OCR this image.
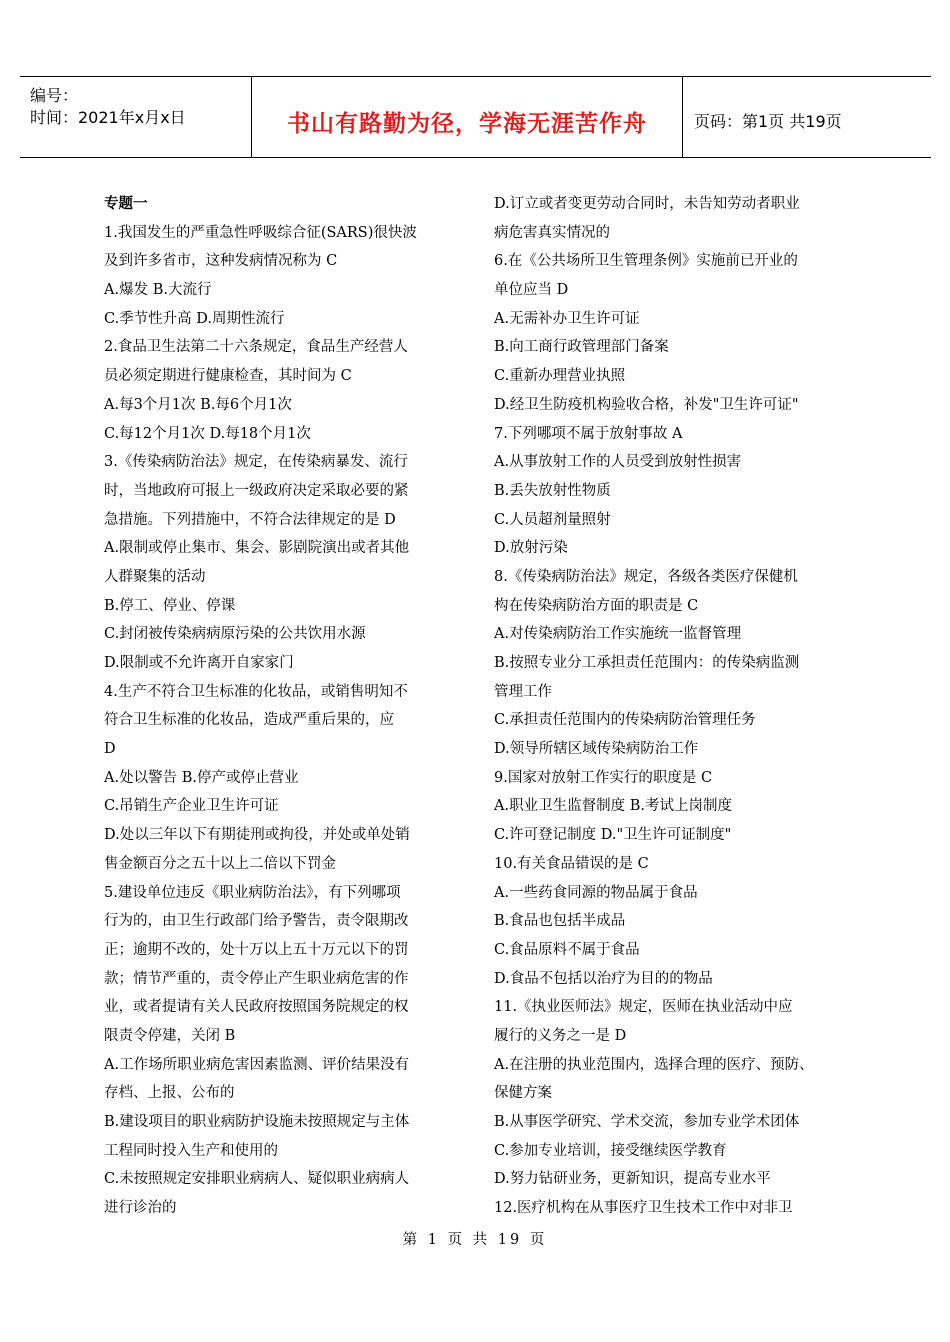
编号：
时间：2021年x月x日	书山有路勤为径，学海无涯苦作舟	页码：第1页 共19页
专题一
1.我国发生的严重急性呼吸综合征(SARS)很快波
及到许多省市，这种发病情况称为 C
A.爆发 B.大流行
C.季节性升高 D.周期性流行
2.食品卫生法第二十六条规定，食品生产经营人
员必须定期进行健康检查，其时间为 C
A.每3个月1次 B.每6个月1次
C.每12个月1次 D.每18个月1次
3.《传染病防治法》规定，在传染病暴发、流行
时，当地政府可报上一级政府决定采取必要的紧
急措施。下列措施中，不符合法律规定的是 D
A.限制或停止集市、集会、影剧院演出或者其他
人群聚集的活动
B.停工、停业、停课
C.封闭被传染病病原污染的公共饮用水源
D.限制或不允许离开自家家门
4.生产不符合卫生标准的化妆品，或销售明知不
符合卫生标准的化妆品，造成严重后果的，应
D
A.处以警告 B.停产或停止营业
C.吊销生产企业卫生许可证
D.处以三年以下有期徒刑或拘役，并处或单处销
售金额百分之五十以上二倍以下罚金
5.建设单位违反《职业病防治法》，有下列哪项
行为的，由卫生行政部门给予警告，责令限期改
正；逾期不改的，处十万以上五十万元以下的罚
款；情节严重的，责令停止产生职业病危害的作
业，或者提请有关人民政府按照国务院规定的权
限责令停建，关闭 B
A.工作场所职业病危害因素监测、评价结果没有
存档、上报、公布的
B.建设项目的职业病防护设施未按照规定与主体
工程同时投入生产和使用的
C.未按照规定安排职业病病人、疑似职业病病人
进行诊治的
D.订立或者变更劳动合同时，未告知劳动者职业
病危害真实情况的
6.在《公共场所卫生管理条例》实施前已开业的
单位应当 D
A.无需补办卫生许可证
B.向工商行政管理部门备案
C.重新办理营业执照
D.经卫生防疫机构验收合格，补发"卫生许可证"
7.下列哪项不属于放射事故 A
A.从事放射工作的人员受到放射性损害
B.丢失放射性物质
C.人员超剂量照射
D.放射污染
8.《传染病防治法》规定，各级各类医疗保健机
构在传染病防治方面的职责是 C
A.对传染病防治工作实施统一监督管理
B.按照专业分工承担责任范围内：的传染病监测
管理工作
C.承担责任范围内的传染病防治管理任务
D.领导所辖区域传染病防治工作
9.国家对放射工作实行的职度是 C
A.职业卫生监督制度 B.考试上岗制度
C.许可登记制度 D."卫生许可证制度"
10.有关食品错误的是 C
A.一些药食同源的物品属于食品
B.食品也包括半成品
C.食品原料不属于食品
D.食品不包括以治疗为目的的物品
11.《执业医师法》规定，医师在执业活动中应
履行的义务之一是 D
A.在注册的执业范围内，选择合理的医疗、预防、
保健方案
B.从事医学研究、学术交流，参加专业学术团体
C.参加专业培训，接受继续医学教育
D.努力钻研业务，更新知识，提高专业水平
12.医疗机构在从事医疗卫生技术工作中对非卫
第 1 页 共 19 页
